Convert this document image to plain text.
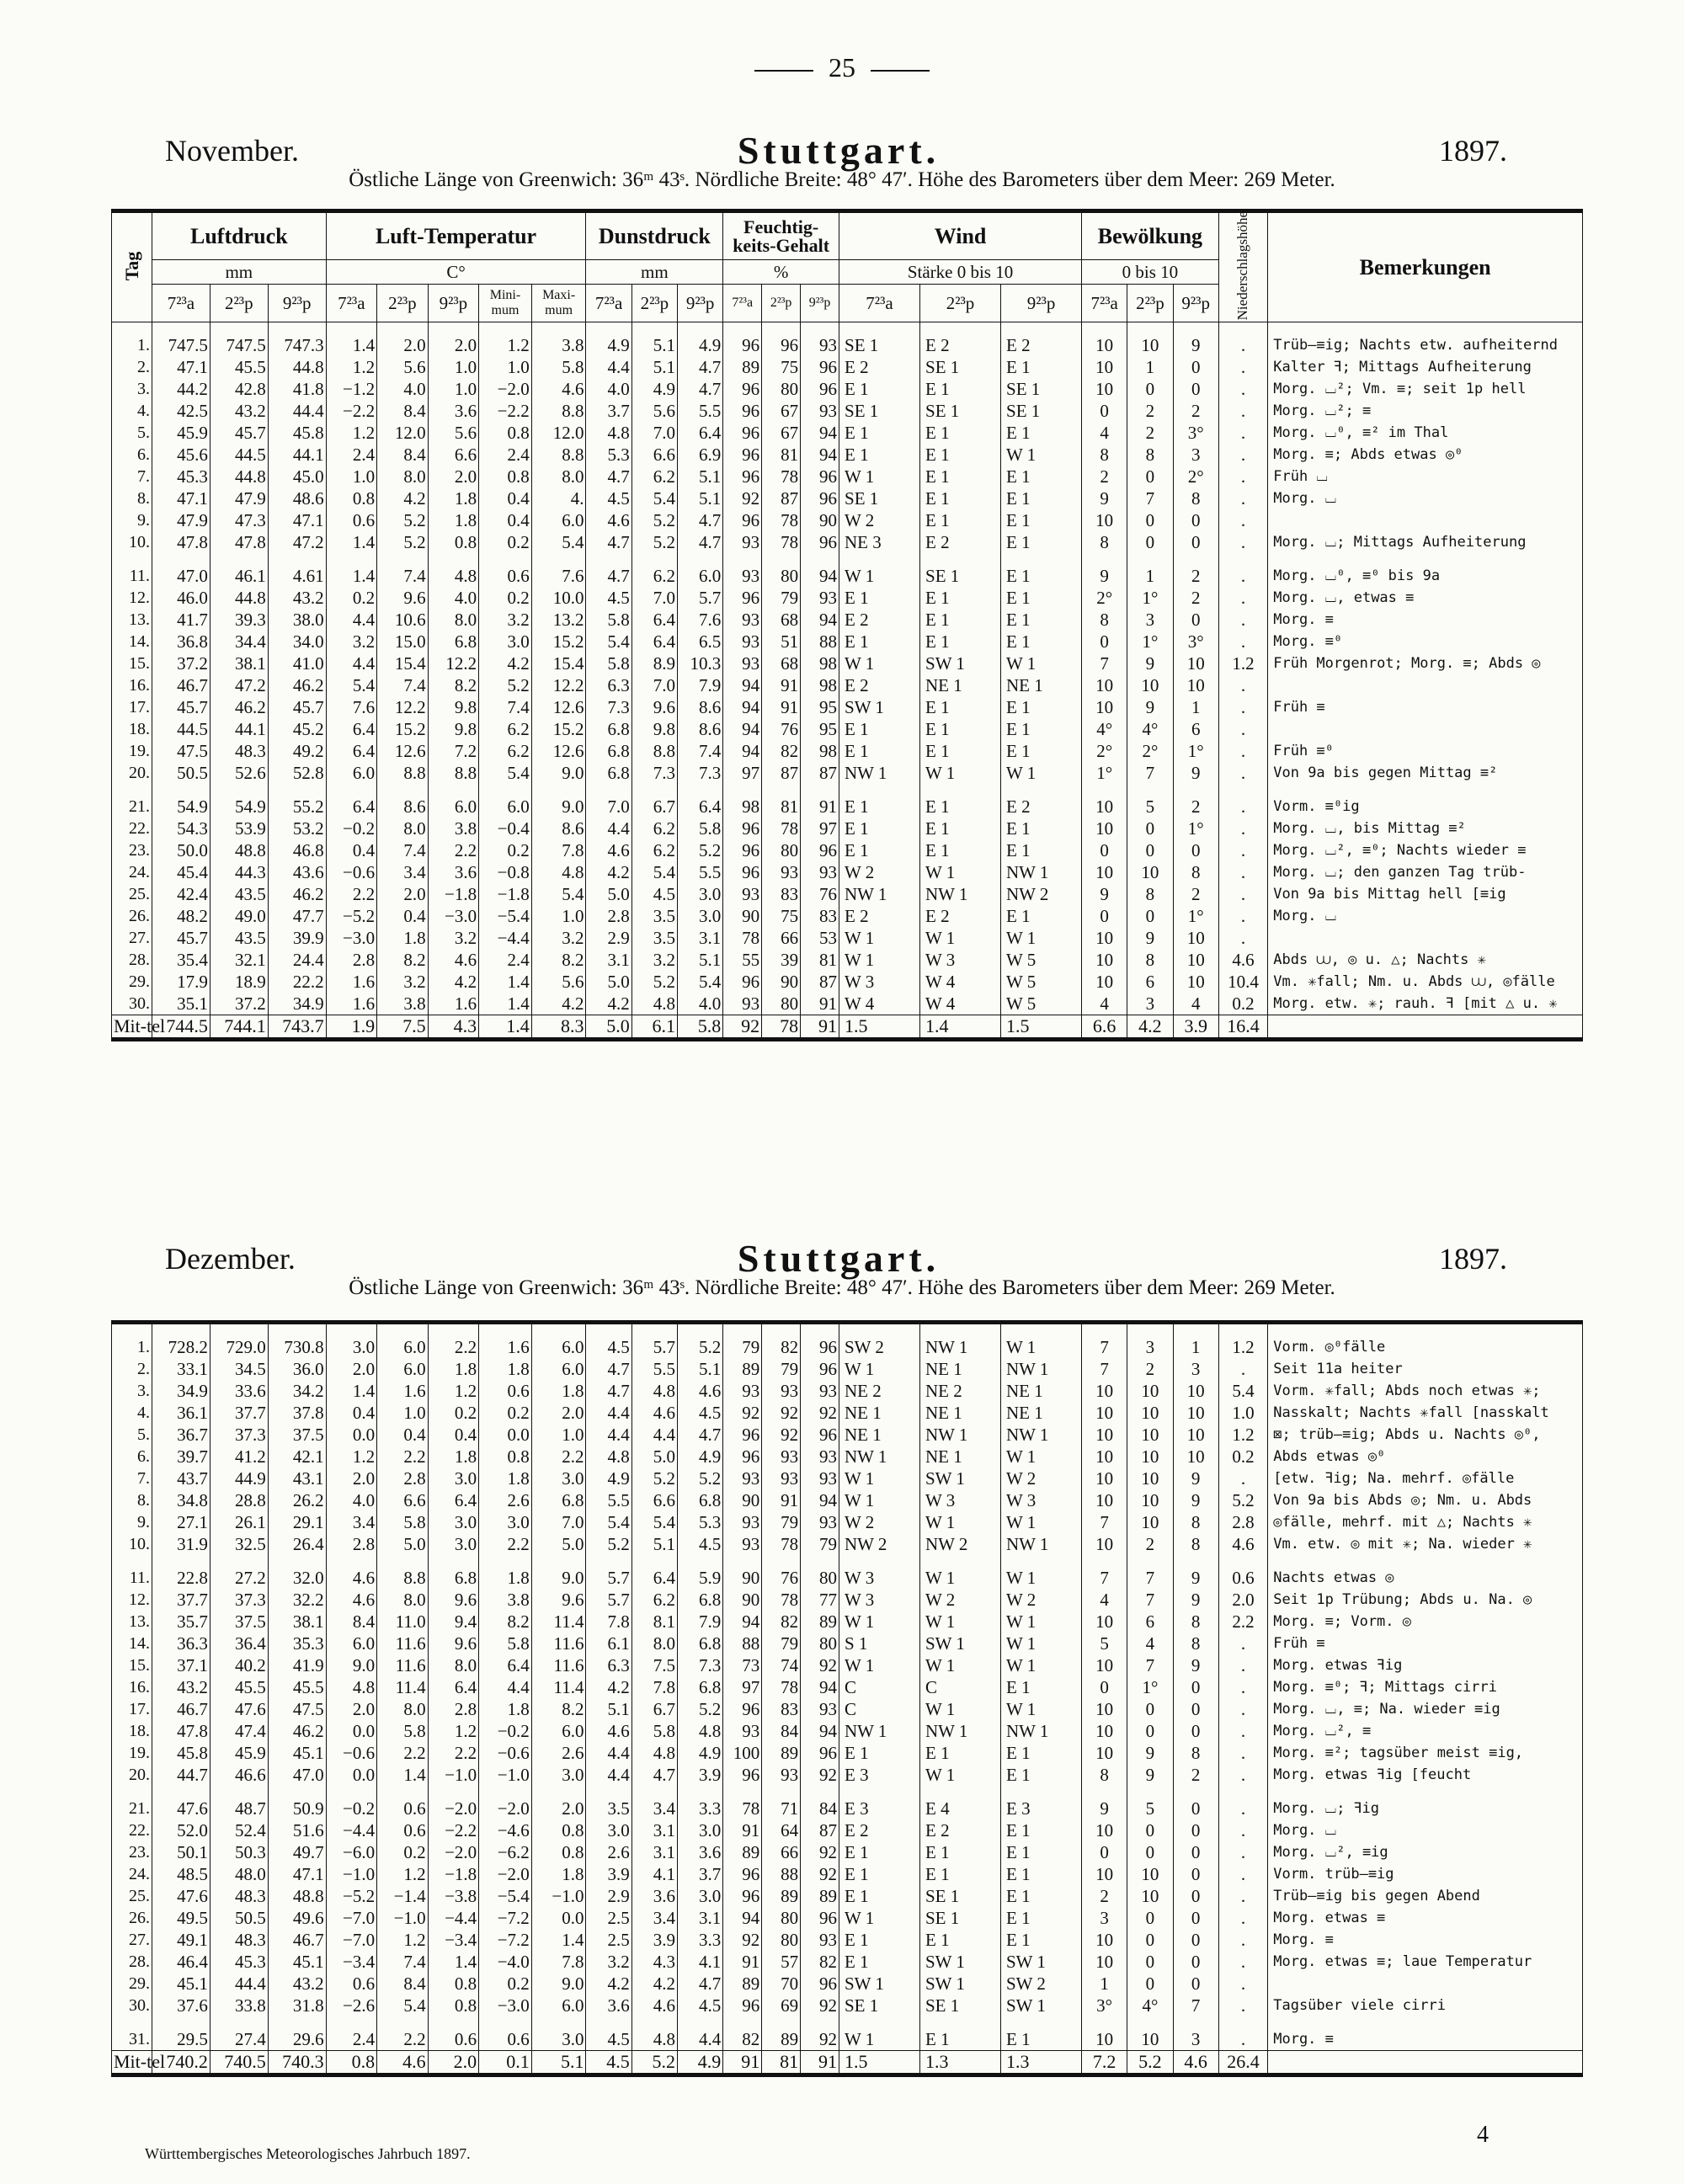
25
November.	Stuttgart.	1897.
Östliche Länge von Greenwich: 36ᵐ 43ˢ. Nördliche Breite: 48° 47′. Höhe des Barometers über dem Meer: 269 Meter.
Tag	Luftdruck			Luft-Temperatur					Dunstdruck			Feuchtig-keits-Gehalt			Wind			Bewölkung			Niederschlagshöhe	Bemerkungen
	mm			C°					mm			%			Stärke 0 bis 10			0 bis 10				
	7²³a	2²³p	9²³p	7²³a	2²³p	9²³p	Mini-mum	Maxi-mum	7²³a	2²³p	9²³p	7²³a	2²³p	9²³p	7²³a	2²³p	9²³p	7²³a	2²³p	9²³p		
1.	747.5	747.5	747.3	1.4	2.0	2.0	1.2	3.8	4.9	5.1	4.9	96	96	93	SE 1	E 2	E 2	10	10	9	.	Trüb—≡ig; Nachts etw. aufheiternd
2.	47.1	45.5	44.8	1.2	5.6	1.0	1.0	5.8	4.4	5.1	4.7	89	75	96	E 2	SE 1	E 1	10	1	0	.	Kalter ꟻ; Mittags Aufheiterung
3.	44.2	42.8	41.8	−1.2	4.0	1.0	−2.0	4.6	4.0	4.9	4.7	96	80	96	E 1	E 1	SE 1	10	0	0	.	Morg. ⌴²; Vm. ≡; seit 1p hell
4.	42.5	43.2	44.4	−2.2	8.4	3.6	−2.2	8.8	3.7	5.6	5.5	96	67	93	SE 1	SE 1	SE 1	0	2	2	.	Morg. ⌴²; ≡
5.	45.9	45.7	45.8	1.2	12.0	5.6	0.8	12.0	4.8	7.0	6.4	96	67	94	E 1	E 1	E 1	4	2	3°	.	Morg. ⌴⁰, ≡² im Thal
6.	45.6	44.5	44.1	2.4	8.4	6.6	2.4	8.8	5.3	6.6	6.9	96	81	94	E 1	E 1	W 1	8	8	3	.	Morg. ≡; Abds etwas ◎⁰
7.	45.3	44.8	45.0	1.0	8.0	2.0	0.8	8.0	4.7	6.2	5.1	96	78	96	W 1	E 1	E 1	2	0	2°	.	Früh ⌴
8.	47.1	47.9	48.6	0.8	4.2	1.8	0.4	4.	4.5	5.4	5.1	92	87	96	SE 1	E 1	E 1	9	7	8	.	Morg. ⌴
9.	47.9	47.3	47.1	0.6	5.2	1.8	0.4	6.0	4.6	5.2	4.7	96	78	90	W 2	E 1	E 1	10	0	0	.	
10.	47.8	47.8	47.2	1.4	5.2	0.8	0.2	5.4	4.7	5.2	4.7	93	78	96	NE 3	E 2	E 1	8	0	0	.	Morg. ⌴; Mittags Aufheiterung
11.	47.0	46.1	4.61	1.4	7.4	4.8	0.6	7.6	4.7	6.2	6.0	93	80	94	W 1	SE 1	E 1	9	1	2	.	Morg. ⌴⁰, ≡⁰ bis 9a
12.	46.0	44.8	43.2	0.2	9.6	4.0	0.2	10.0	4.5	7.0	5.7	96	79	93	E 1	E 1	E 1	2°	1°	2	.	Morg. ⌴, etwas ≡
13.	41.7	39.3	38.0	4.4	10.6	8.0	3.2	13.2	5.8	6.4	7.6	93	68	94	E 2	E 1	E 1	8	3	0	.	Morg. ≡
14.	36.8	34.4	34.0	3.2	15.0	6.8	3.0	15.2	5.4	6.4	6.5	93	51	88	E 1	E 1	E 1	0	1°	3°	.	Morg. ≡⁰
15.	37.2	38.1	41.0	4.4	15.4	12.2	4.2	15.4	5.8	8.9	10.3	93	68	98	W 1	SW 1	W 1	7	9	10	1.2	Früh Morgenrot; Morg. ≡; Abds ◎
16.	46.7	47.2	46.2	5.4	7.4	8.2	5.2	12.2	6.3	7.0	7.9	94	91	98	E 2	NE 1	NE 1	10	10	10	.	
17.	45.7	46.2	45.7	7.6	12.2	9.8	7.4	12.6	7.3	9.6	8.6	94	91	95	SW 1	E 1	E 1	10	9	1	.	Früh ≡
18.	44.5	44.1	45.2	6.4	15.2	9.8	6.2	15.2	6.8	9.8	8.6	94	76	95	E 1	E 1	E 1	4°	4°	6	.	
19.	47.5	48.3	49.2	6.4	12.6	7.2	6.2	12.6	6.8	8.8	7.4	94	82	98	E 1	E 1	E 1	2°	2°	1°	.	Früh ≡⁰
20.	50.5	52.6	52.8	6.0	8.8	8.8	5.4	9.0	6.8	7.3	7.3	97	87	87	NW 1	W 1	W 1	1°	7	9	.	Von 9a bis gegen Mittag ≡²
21.	54.9	54.9	55.2	6.4	8.6	6.0	6.0	9.0	7.0	6.7	6.4	98	81	91	E 1	E 1	E 2	10	5	2	.	Vorm. ≡⁰ig
22.	54.3	53.9	53.2	−0.2	8.0	3.8	−0.4	8.6	4.4	6.2	5.8	96	78	97	E 1	E 1	E 1	10	0	1°	.	Morg. ⌴, bis Mittag ≡²
23.	50.0	48.8	46.8	0.4	7.4	2.2	0.2	7.8	4.6	6.2	5.2	96	80	96	E 1	E 1	E 1	0	0	0	.	Morg. ⌴², ≡⁰; Nachts wieder ≡
24.	45.4	44.3	43.6	−0.6	3.4	3.6	−0.8	4.8	4.2	5.4	5.5	96	93	93	W 2	W 1	NW 1	10	10	8	.	Morg. ⌴; den ganzen Tag trüb-
25.	42.4	43.5	46.2	2.2	2.0	−1.8	−1.8	5.4	5.0	4.5	3.0	93	83	76	NW 1	NW 1	NW 2	9	8	2	.	Von 9a bis Mittag hell [≡ig
26.	48.2	49.0	47.7	−5.2	0.4	−3.0	−5.4	1.0	2.8	3.5	3.0	90	75	83	E 2	E 2	E 1	0	0	1°	.	Morg. ⌴
27.	45.7	43.5	39.9	−3.0	1.8	3.2	−4.4	3.2	2.9	3.5	3.1	78	66	53	W 1	W 1	W 1	10	9	10	.	
28.	35.4	32.1	24.4	2.8	8.2	4.6	2.4	8.2	3.1	3.2	5.1	55	39	81	W 1	W 3	W 5	10	8	10	4.6	Abds ⩊, ◎ u. △; Nachts ✳
29.	17.9	18.9	22.2	1.6	3.2	4.2	1.4	5.6	5.0	5.2	5.4	96	90	87	W 3	W 4	W 5	10	6	10	10.4	Vm. ✳fall; Nm. u. Abds ⩊, ◎fälle
30.	35.1	37.2	34.9	1.6	3.8	1.6	1.4	4.2	4.2	4.8	4.0	93	80	91	W 4	W 4	W 5	4	3	4	0.2	Morg. etw. ✳; rauh. ꟻ [mit △ u. ✳
Mit-tel	744.5	744.1	743.7	1.9	7.5	4.3	1.4	8.3	5.0	6.1	5.8	92	78	91	1.5	1.4	1.5	6.6	4.2	3.9	16.4	
Dezember.	Stuttgart.	1897.
Östliche Länge von Greenwich: 36ᵐ 43ˢ. Nördliche Breite: 48° 47′. Höhe des Barometers über dem Meer: 269 Meter.
1.	728.2	729.0	730.8	3.0	6.0	2.2	1.6	6.0	4.5	5.7	5.2	79	82	96	SW 2	NW 1	W 1	7	3	1	1.2	Vorm. ◎⁰fälle
2.	33.1	34.5	36.0	2.0	6.0	1.8	1.8	6.0	4.7	5.5	5.1	89	79	96	W 1	NE 1	NW 1	7	2	3	.	Seit 11a heiter
3.	34.9	33.6	34.2	1.4	1.6	1.2	0.6	1.8	4.7	4.8	4.6	93	93	93	NE 2	NE 2	NE 1	10	10	10	5.4	Vorm. ✳fall; Abds noch etwas ✳;
4.	36.1	37.7	37.8	0.4	1.0	0.2	0.2	2.0	4.4	4.6	4.5	92	92	92	NE 1	NE 1	NE 1	10	10	10	1.0	Nasskalt; Nachts ✳fall [nasskalt
5.	36.7	37.3	37.5	0.0	0.4	0.4	0.0	1.0	4.4	4.4	4.7	96	92	96	NE 1	NW 1	NW 1	10	10	10	1.2	⊠; trüb—≡ig; Abds u. Nachts ◎⁰,
6.	39.7	41.2	42.1	1.2	2.2	1.8	0.8	2.2	4.8	5.0	4.9	96	93	93	NW 1	NE 1	W 1	10	10	10	0.2	Abds etwas ◎⁰
7.	43.7	44.9	43.1	2.0	2.8	3.0	1.8	3.0	4.9	5.2	5.2	93	93	93	W 1	SW 1	W 2	10	10	9	.	[etw. ꟻig; Na. mehrf. ◎fälle
8.	34.8	28.8	26.2	4.0	6.6	6.4	2.6	6.8	5.5	6.6	6.8	90	91	94	W 1	W 3	W 3	10	10	9	5.2	Von 9a bis Abds ◎; Nm. u. Abds
9.	27.1	26.1	29.1	3.4	5.8	3.0	3.0	7.0	5.4	5.4	5.3	93	79	93	W 2	W 1	W 1	7	10	8	2.8	◎fälle, mehrf. mit △; Nachts ✳
10.	31.9	32.5	26.4	2.8	5.0	3.0	2.2	5.0	5.2	5.1	4.5	93	78	79	NW 2	NW 2	NW 1	10	2	8	4.6	Vm. etw. ◎ mit ✳; Na. wieder ✳
11.	22.8	27.2	32.0	4.6	8.8	6.8	1.8	9.0	5.7	6.4	5.9	90	76	80	W 3	W 1	W 1	7	7	9	0.6	Nachts etwas ◎
12.	37.7	37.3	32.2	4.6	8.0	9.6	3.8	9.6	5.7	6.2	6.8	90	78	77	W 3	W 2	W 2	4	7	9	2.0	Seit 1p Trübung; Abds u. Na. ◎
13.	35.7	37.5	38.1	8.4	11.0	9.4	8.2	11.4	7.8	8.1	7.9	94	82	89	W 1	W 1	W 1	10	6	8	2.2	Morg. ≡; Vorm. ◎
14.	36.3	36.4	35.3	6.0	11.6	9.6	5.8	11.6	6.1	8.0	6.8	88	79	80	S 1	SW 1	W 1	5	4	8	.	Früh ≡
15.	37.1	40.2	41.9	9.0	11.6	8.0	6.4	11.6	6.3	7.5	7.3	73	74	92	W 1	W 1	W 1	10	7	9	.	Morg. etwas ꟻig
16.	43.2	45.5	45.5	4.8	11.4	6.4	4.4	11.4	4.2	7.8	6.8	97	78	94	C	C	E 1	0	1°	0	.	Morg. ≡⁰; ꟻ; Mittags cirri
17.	46.7	47.6	47.5	2.0	8.0	2.8	1.8	8.2	5.1	6.7	5.2	96	83	93	C	W 1	W 1	10	0	0	.	Morg. ⌴, ≡; Na. wieder ≡ig
18.	47.8	47.4	46.2	0.0	5.8	1.2	−0.2	6.0	4.6	5.8	4.8	93	84	94	NW 1	NW 1	NW 1	10	0	0	.	Morg. ⌴², ≡
19.	45.8	45.9	45.1	−0.6	2.2	2.2	−0.6	2.6	4.4	4.8	4.9	100	89	96	E 1	E 1	E 1	10	9	8	.	Morg. ≡²; tagsüber meist ≡ig,
20.	44.7	46.6	47.0	0.0	1.4	−1.0	−1.0	3.0	4.4	4.7	3.9	96	93	92	E 3	W 1	E 1	8	9	2	.	Morg. etwas ꟻig [feucht
21.	47.6	48.7	50.9	−0.2	0.6	−2.0	−2.0	2.0	3.5	3.4	3.3	78	71	84	E 3	E 4	E 3	9	5	0	.	Morg. ⌴; ꟻig
22.	52.0	52.4	51.6	−4.4	0.6	−2.2	−4.6	0.8	3.0	3.1	3.0	91	64	87	E 2	E 2	E 1	10	0	0	.	Morg. ⌴
23.	50.1	50.3	49.7	−6.0	0.2	−2.0	−6.2	0.8	2.6	3.1	3.6	89	66	92	E 1	E 1	E 1	0	0	0	.	Morg. ⌴², ≡ig
24.	48.5	48.0	47.1	−1.0	1.2	−1.8	−2.0	1.8	3.9	4.1	3.7	96	88	92	E 1	E 1	E 1	10	10	0	.	Vorm. trüb—≡ig
25.	47.6	48.3	48.8	−5.2	−1.4	−3.8	−5.4	−1.0	2.9	3.6	3.0	96	89	89	E 1	SE 1	E 1	2	10	0	.	Trüb—≡ig bis gegen Abend
26.	49.5	50.5	49.6	−7.0	−1.0	−4.4	−7.2	0.0	2.5	3.4	3.1	94	80	96	W 1	SE 1	E 1	3	0	0	.	Morg. etwas ≡
27.	49.1	48.3	46.7	−7.0	1.2	−3.4	−7.2	1.4	2.5	3.9	3.3	92	80	93	E 1	E 1	E 1	10	0	0	.	Morg. ≡
28.	46.4	45.3	45.1	−3.4	7.4	1.4	−4.0	7.8	3.2	4.3	4.1	91	57	82	E 1	SW 1	SW 1	10	0	0	.	Morg. etwas ≡; laue Temperatur
29.	45.1	44.4	43.2	0.6	8.4	0.8	0.2	9.0	4.2	4.2	4.7	89	70	96	SW 1	SW 1	SW 2	1	0	0	.	
30.	37.6	33.8	31.8	−2.6	5.4	0.8	−3.0	6.0	3.6	4.6	4.5	96	69	92	SE 1	SE 1	SW 1	3°	4°	7	.	Tagsüber viele cirri
31.	29.5	27.4	29.6	2.4	2.2	0.6	0.6	3.0	4.5	4.8	4.4	82	89	92	W 1	E 1	E 1	10	10	3	.	Morg. ≡
Mit-tel	740.2	740.5	740.3	0.8	4.6	2.0	0.1	5.1	4.5	5.2	4.9	91	81	91	1.5	1.3	1.3	7.2	5.2	4.6	26.4	
Württembergisches Meteorologisches Jahrbuch 1897.
4
